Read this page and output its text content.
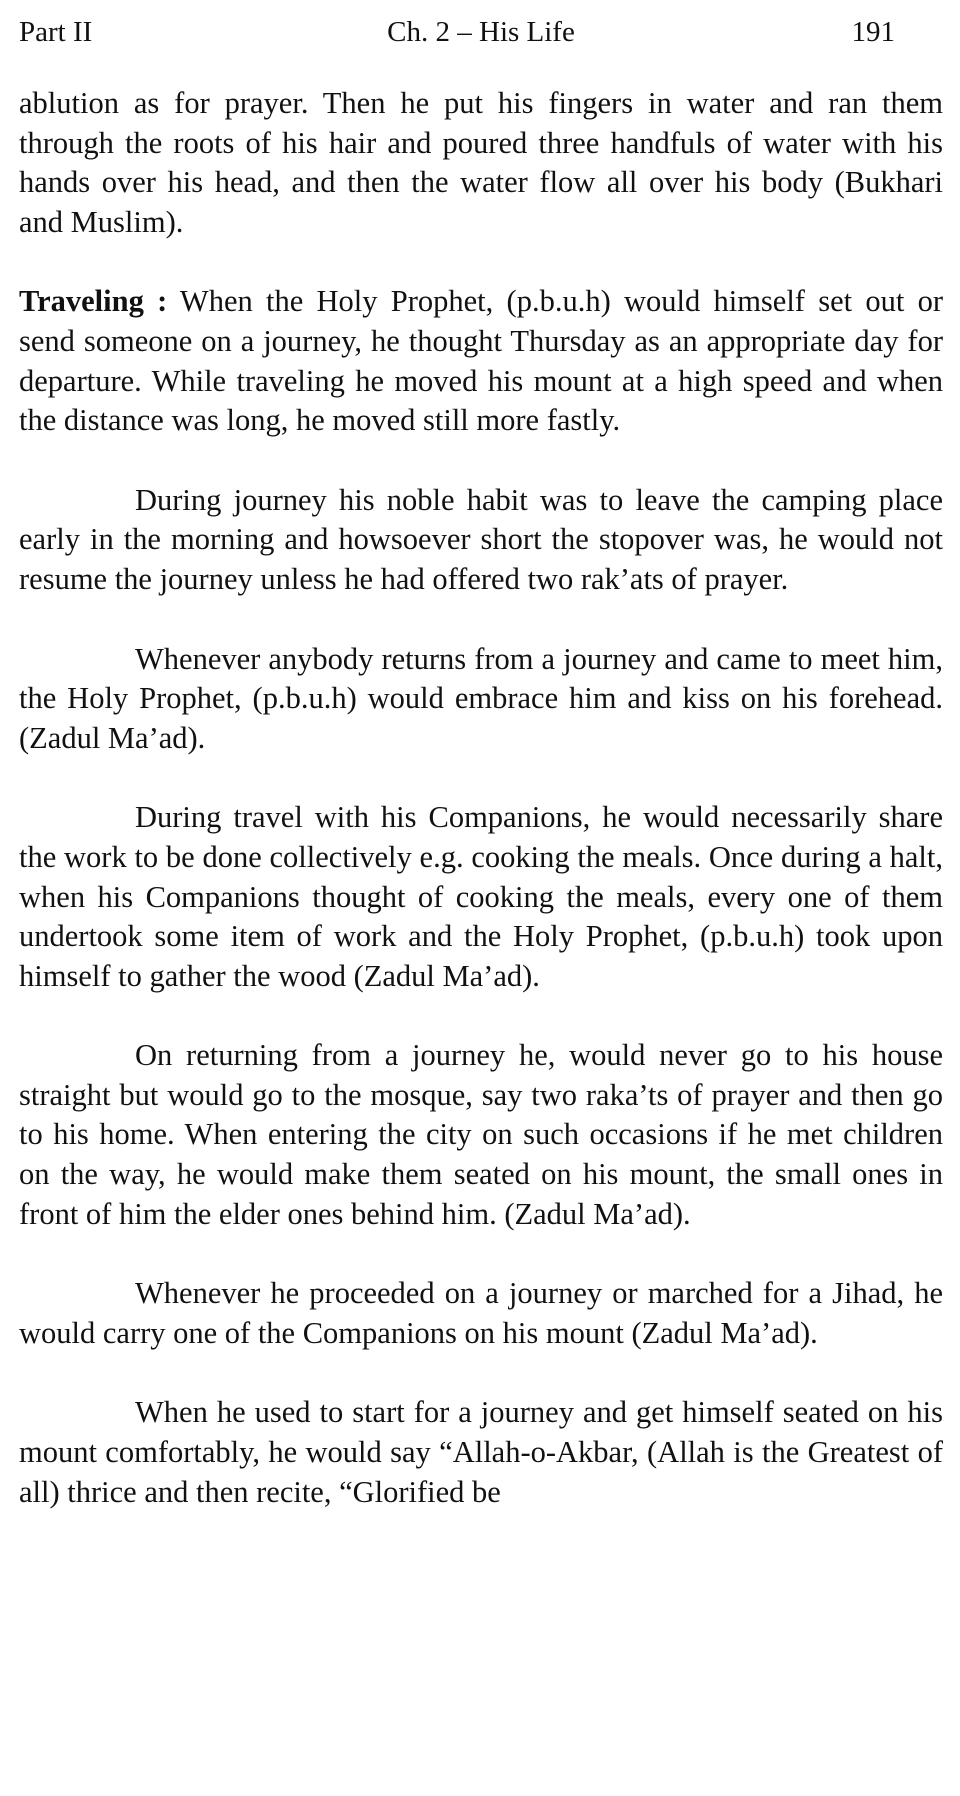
Part II	Ch. 2 – His Life	191

ablution as for prayer. Then he put his fingers in water and ran them through the roots of his hair and poured three handfuls of water with his hands over his head, and then the water flow all over his body (Bukhari and Muslim).

Traveling : When the Holy Prophet, (p.b.u.h) would himself set out or send someone on a journey, he thought Thursday as an appropriate day for departure. While traveling he moved his mount at a high speed and when the distance was long, he moved still more fastly.

During journey his noble habit was to leave the camping place early in the morning and howsoever short the stopover was, he would not resume the journey unless he had offered two rak’ats of prayer.

Whenever anybody returns from a journey and came to meet him, the Holy Prophet, (p.b.u.h) would embrace him and kiss on his forehead. (Zadul Ma’ad).

During travel with his Companions, he would necessarily share the work to be done collectively e.g. cooking the meals. Once during a halt, when his Companions thought of cooking the meals, every one of them undertook some item of work and the Holy Prophet, (p.b.u.h) took upon himself to gather the wood (Zadul Ma’ad).

On returning from a journey he, would never go to his house straight but would go to the mosque, say two raka’ts of prayer and then go to his home. When entering the city on such occasions if he met children on the way, he would make them seated on his mount, the small ones in front of him the elder ones behind him. (Zadul Ma’ad).

Whenever he proceeded on a journey or marched for a Jihad, he would carry one of the Companions on his mount (Zadul Ma’ad).

When he used to start for a journey and get himself seated on his mount comfortably, he would say “Allah-o-Akbar, (Allah is the Greatest of all) thrice and then recite, “Glorified be
